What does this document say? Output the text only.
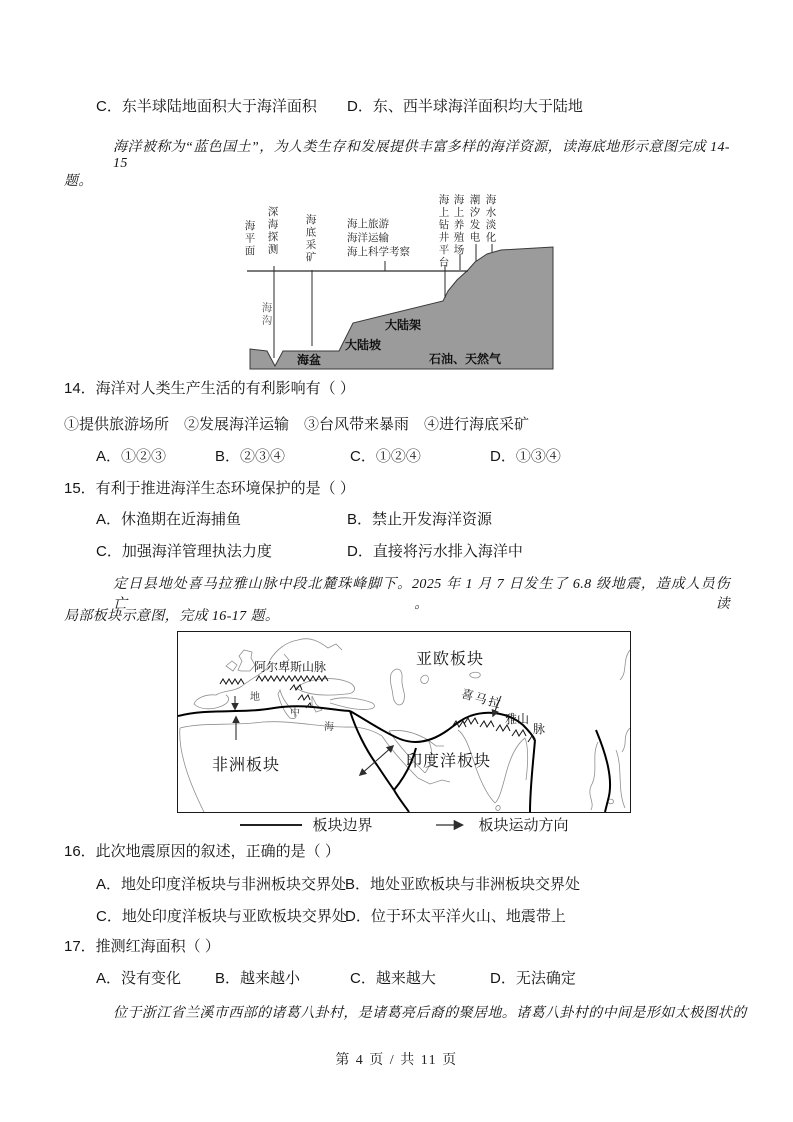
C．东半球陆地面积大于海洋面积 D．东、西半球海洋面积均大于陆地
海洋被称为“蓝色国土”，为人类生存和发展提供丰富多样的海洋资源，读海底地形示意图完成 14-15
题。
海平面 深海探测 海底采矿	海上旅游
海洋运输
海上科学考察	海上钻井平台 海上养殖场 潮汐发电 海水淡化
海沟
海盆
大陆坡
大陆架
石油、天然气
14．海洋对人类生产生活的有利影响有（ ）
①提供旅游场所　②发展海洋运输　③台风带来暴雨　④进行海底采矿
A．①②③	B．②③④	C．①②④	D．①③④
15．有利于推进海洋生态环境保护的是（ ）
A．休渔期在近海捕鱼	B．禁止开发海洋资源
C．加强海洋管理执法力度	D．直接将污水排入海洋中
定日县地处喜马拉雅山脉中段北麓珠峰脚下。2025 年 1 月 7 日发生了 6.8 级地震，造成人员伤亡。读
局部板块示意图，完成 16-17 题。
亚欧板块
阿尔卑斯山脉
地
中
海
喜马拉
雅山
脉
非洲板块	印度洋板块
板块边界	板块运动方向
16．此次地震原因的叙述，正确的是（ ）
A．地处印度洋板块与非洲板块交界处
B．地处亚欧板块与非洲板块交界处
C．地处印度洋板块与亚欧板块交界处
D．位于环太平洋火山、地震带上
17．推测红海面积（ ）
A．没有变化 B．越来越小	C．越来越大	D．无法确定
位于浙江省兰溪市西部的诸葛八卦村，是诸葛亮后裔的聚居地。诸葛八卦村的中间是形如太极图状的
第 4 页 / 共 11 页
